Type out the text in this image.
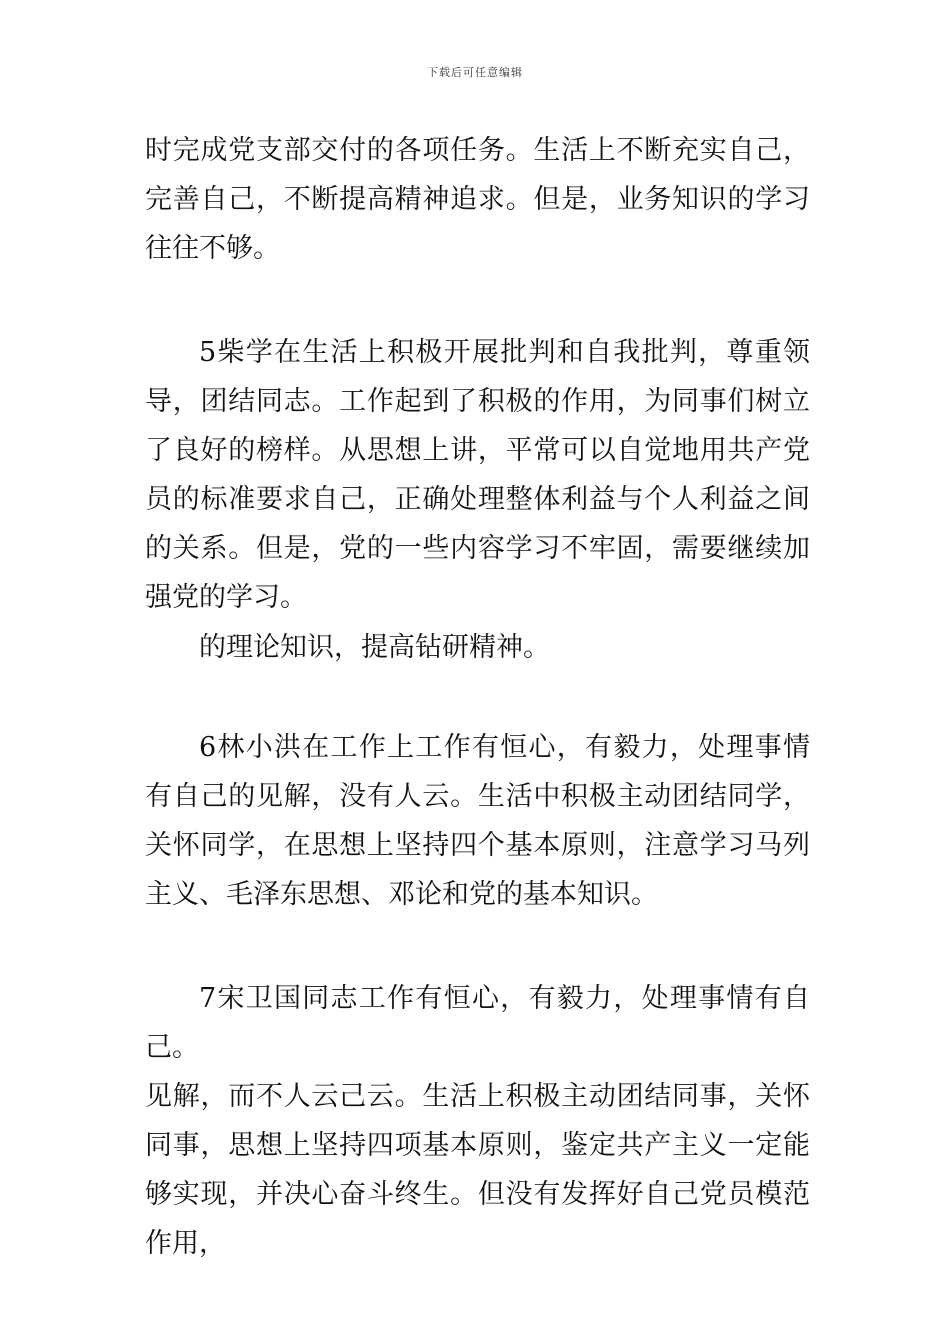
下载后可任意编辑

时完成党支部交付的各项任务。生活上不断充实自己，完善自己，不断提高精神追求。但是，业务知识的学习往往不够。

5柴学在生活上积极开展批判和自我批判，尊重领导，团结同志。工作起到了积极的作用，为同事们树立了良好的榜样。从思想上讲，平常可以自觉地用共产党员的标准要求自己，正确处理整体利益与个人利益之间的关系。但是，党的一些内容学习不牢固，需要继续加强党的学习。

的理论知识，提高钻研精神。

6林小洪在工作上工作有恒心，有毅力，处理事情有自己的见解，没有人云。生活中积极主动团结同学，关怀同学，在思想上坚持四个基本原则，注意学习马列主义、毛泽东思想、邓论和党的基本知识。

7宋卫国同志工作有恒心，有毅力，处理事情有自己。

见解，而不人云己云。生活上积极主动团结同事，关怀同事，思想上坚持四项基本原则，鉴定共产主义一定能够实现，并决心奋斗终生。但没有发挥好自己党员模范作用，
